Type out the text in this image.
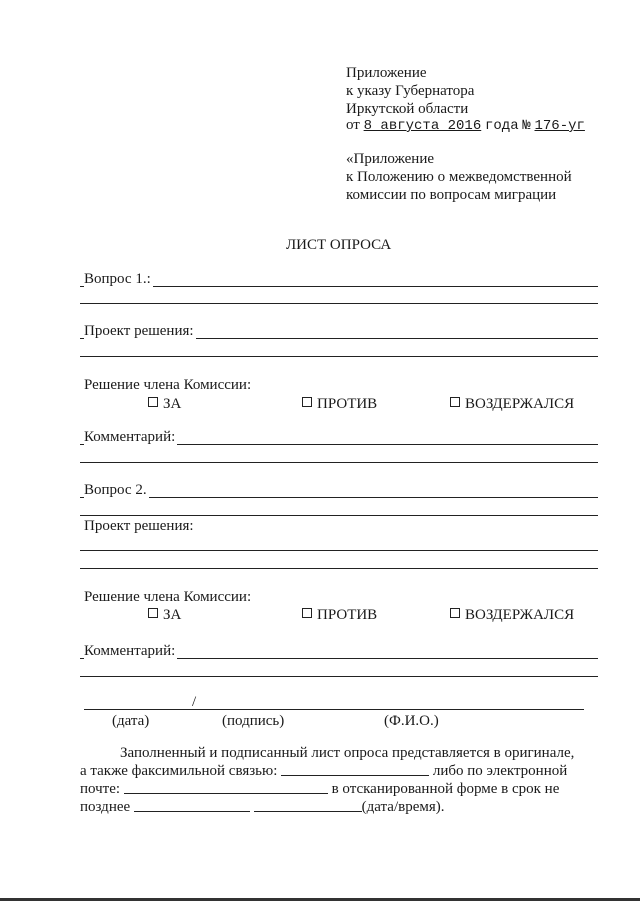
Приложение
к указу Губернатора
Иркутской области
от 8 августа 2016 года № 176-уг
«Приложение
к Положению о межведомственной
комиссии по вопросам миграции
ЛИСТ ОПРОСА
Вопрос 1.:
Проект решения:
Решение члена Комиссии:
ЗА	ПРОТИВ	ВОЗДЕРЖАЛСЯ
Комментарий:
Вопрос 2.
Проект решения:
Решение члена Комиссии:
ЗА	ПРОТИВ	ВОЗДЕРЖАЛСЯ
Комментарий:
/
(дата)	(подпись)	(Ф.И.О.)

Заполненный и подписанный лист опроса представляется в оригинале,

а также факсимильной связью:	либо по электронной

почте:	в отсканированной форме в срок не

позднее	(дата/время).
